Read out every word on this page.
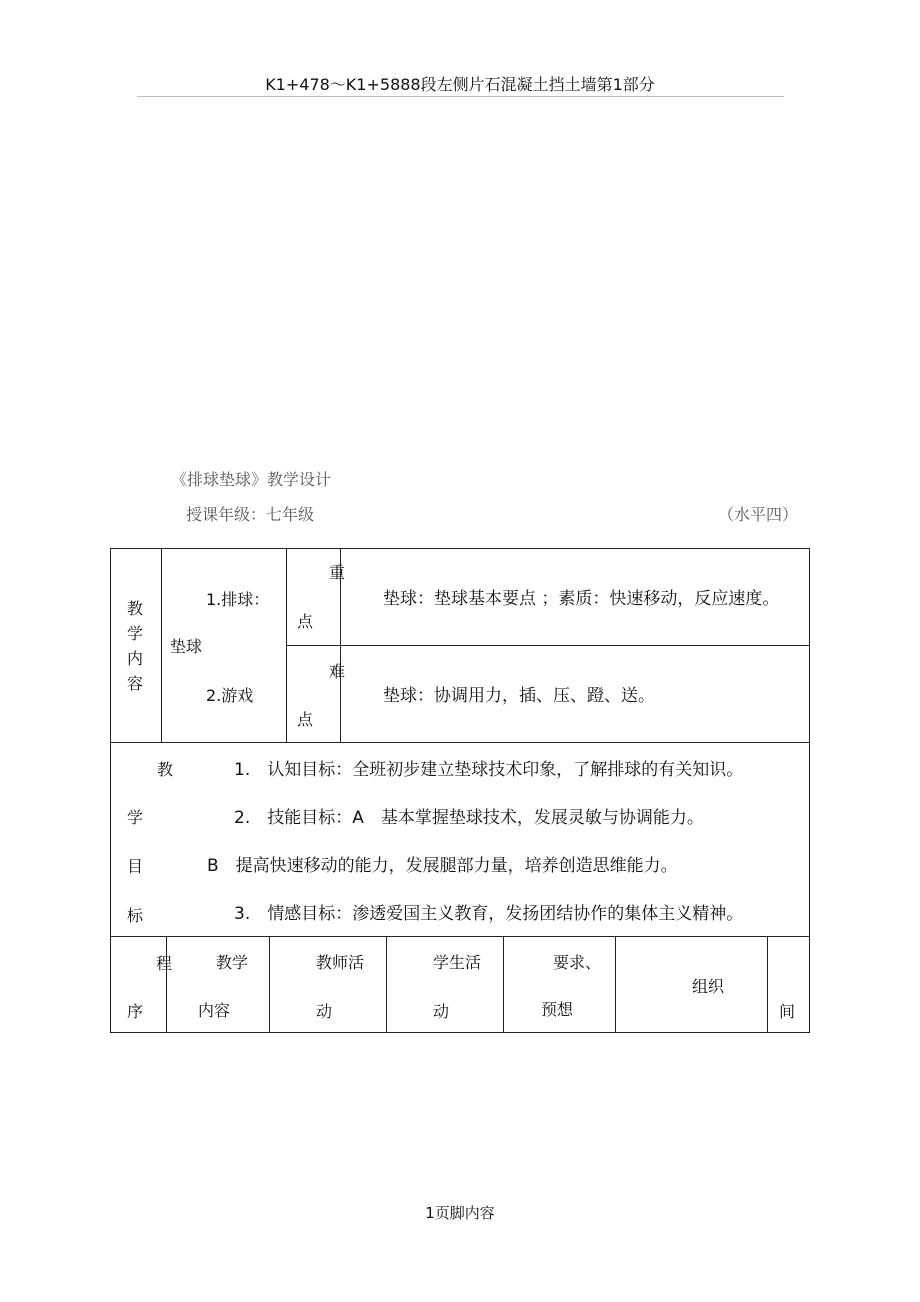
K1+478～K1+5888段左侧片石混凝土挡土墙第1部分
《排球垫球》教学设计
授课年级：七年级	（水平四）
教
学
内
容
1.排球：
垫球
2.游戏
重
点
难
点
垫球：垫球基本要点 ；素质：快速移动，反应速度。
垫球：协调用力，插、压、蹬、送。
教
学
目
标
1.　认知目标：全班初步建立垫球技术印象，了解排球的有关知识。
2.　技能目标：A　基本掌握垫球技术，发展灵敏与协调能力。
B　提高快速移动的能力，发展腿部力量，培养创造思维能力。
3.　情感目标：渗透爱国主义教育，发扬团结协作的集体主义精神。
程
序
教学
内容
教师活
动
学生活
动
要求、
预想
组织
间
1页脚内容
